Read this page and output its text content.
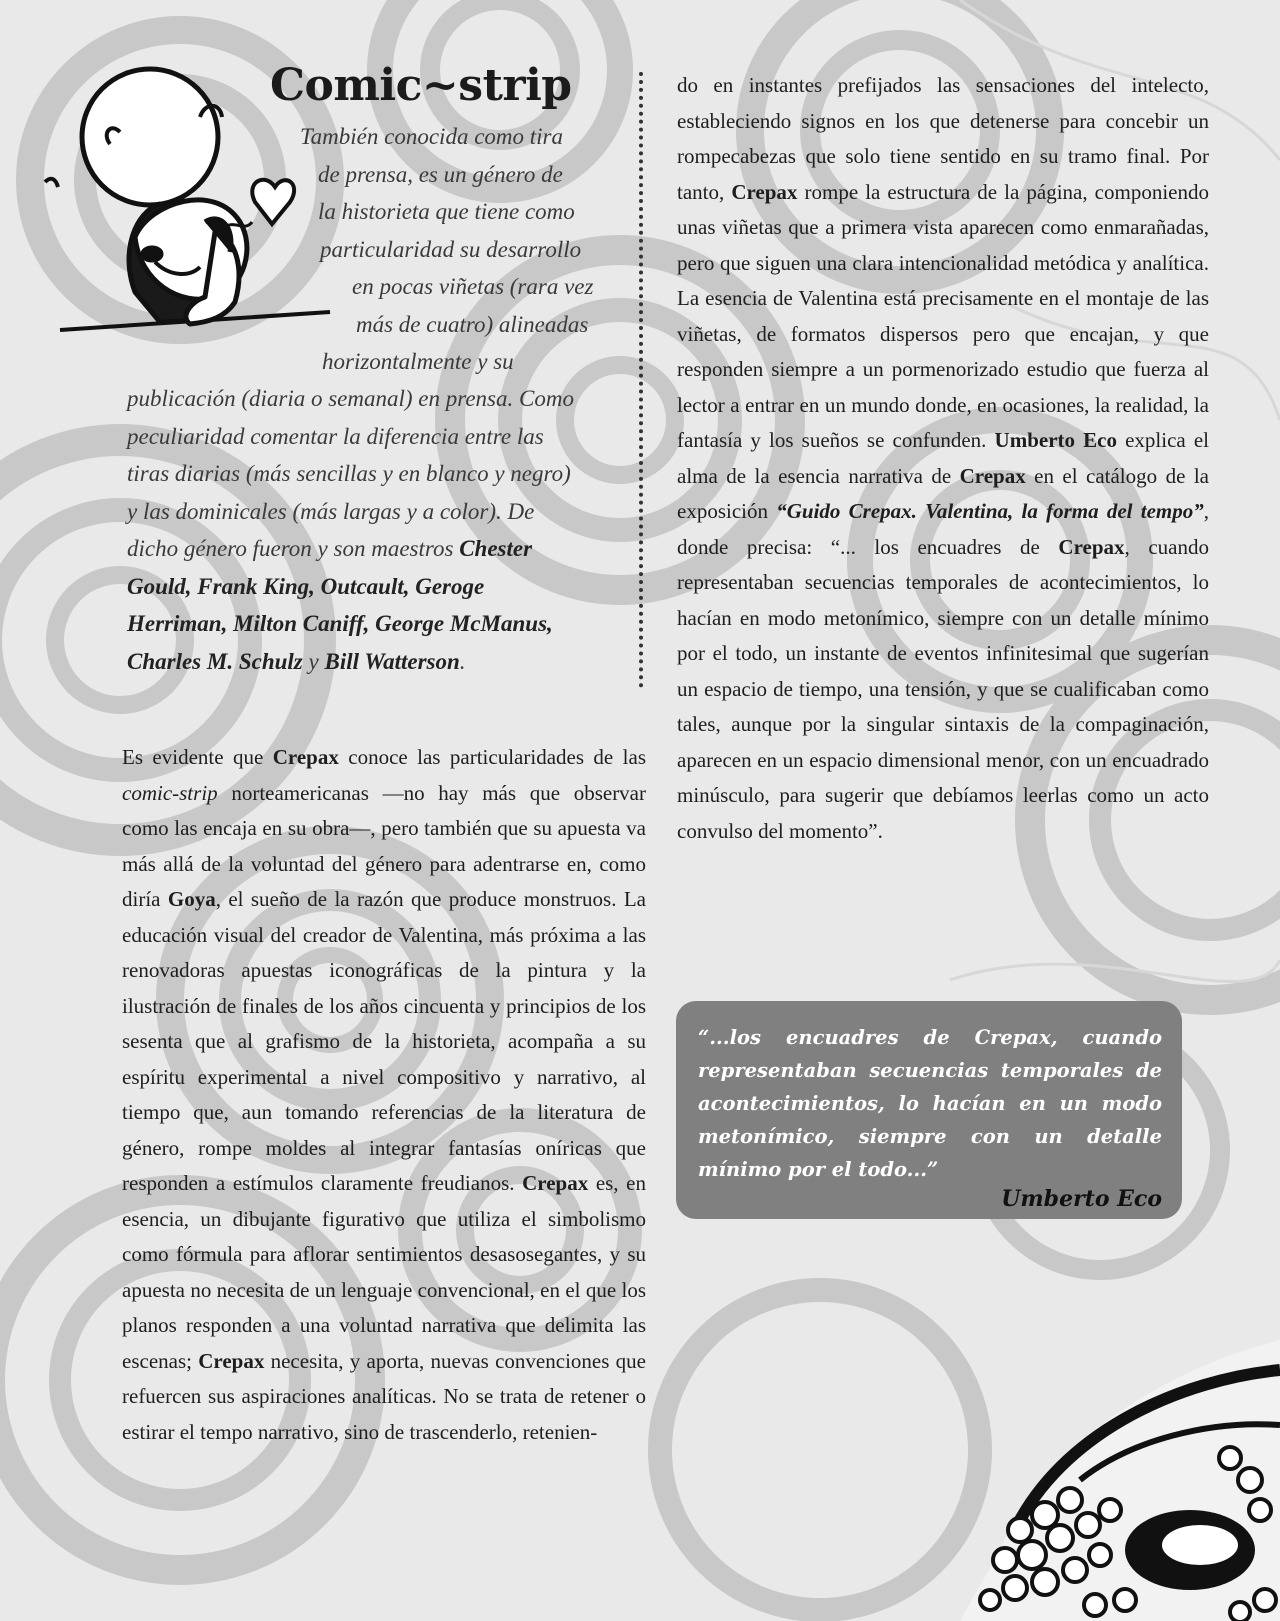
Comic~strip
También conocida como tira
de prensa, es un género de
la historieta que tiene como
particularidad su desarrollo
en pocas viñetas (rara vez
más de cuatro) alineadas
horizontalmente y su
publicación (diaria o semanal) en prensa. Como
peculiaridad comentar la diferencia entre las
tiras diarias (más sencillas y en blanco y negro)
y las dominicales (más largas y a color). De
dicho género fueron y son maestros Chester
Gould, Frank King, Outcault, Geroge
Herriman, Milton Caniff, George McManus,
Charles M. Schulz y Bill Watterson.
Es evidente que Crepax conoce las particularidades de las comic-strip norteamericanas —no hay más que observar como las encaja en su obra—, pero también que su apuesta va más allá de la voluntad del género para adentrarse en, como diría Goya, el sueño de la razón que produce monstruos. La educación visual del creador de Valentina, más próxima a las renovadoras apuestas iconográficas de la pintura y la ilustración de finales de los años cincuenta y principios de los sesenta que al grafismo de la historieta, acompaña a su espíritu experimental a nivel compositivo y narrativo, al tiempo que, aun tomando referencias de la literatura de género, rompe moldes al integrar fantasías oníricas que responden a estímulos claramente freudianos. Crepax es, en esencia, un dibujante figurativo que utiliza el simbolismo como fórmula para aflorar sentimientos desasosegantes, y su apuesta no necesita de un lenguaje convencional, en el que los planos responden a una voluntad narrativa que delimita las escenas; Crepax necesita, y aporta, nuevas convenciones que refuercen sus aspiraciones analíticas. No se trata de retener o estirar el tempo narrativo, sino de trascenderlo, retenien-
do en instantes prefijados las sensaciones del intelecto, estableciendo signos en los que detenerse para concebir un rompecabezas que solo tiene sentido en su tramo final. Por tanto, Crepax rompe la estructura de la página, componiendo unas viñetas que a primera vista aparecen como enmarañadas, pero que siguen una clara intencionalidad metódica y analítica. La esencia de Valentina está precisamente en el montaje de las viñetas, de formatos dispersos pero que encajan, y que responden siempre a un pormenorizado estudio que fuerza al lector a entrar en un mundo donde, en ocasiones, la realidad, la fantasía y los sueños se confunden. Umberto Eco explica el alma de la esencia narrativa de Crepax en el catálogo de la exposición “Guido Crepax. Valentina, la forma del tempo”, donde precisa: “... los encuadres de Crepax, cuando representaban secuencias temporales de acontecimientos, lo hacían en modo metonímico, siempre con un detalle mínimo por el todo, un instante de eventos infinitesimal que sugerían un espacio de tiempo, una tensión, y que se cualificaban como tales, aunque por la singular sintaxis de la compaginación, aparecen en un espacio dimensional menor, con un encuadrado minúsculo, para sugerir que debíamos leerlas como un acto convulso del momento”.
“...los encuadres de Crepax, cuando representaban secuencias temporales de acontecimientos, lo hacían en un modo metonímico, siempre con un detalle mínimo por el todo...”
Umberto Eco
